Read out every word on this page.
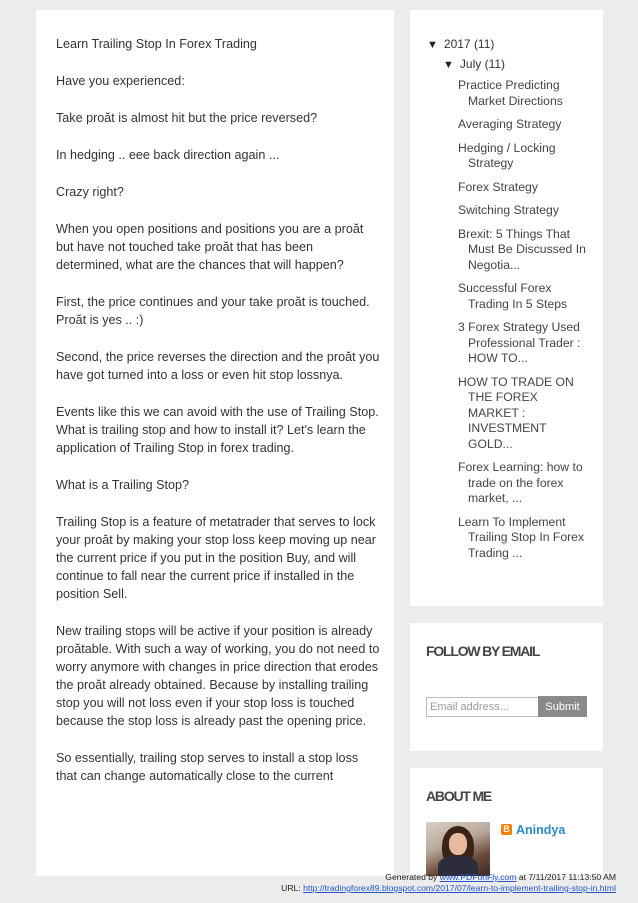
Learn Trailing Stop In Forex Trading

Have you experienced:

Take proăt is almost hit but the price reversed?

In hedging .. eee back direction again ...

Crazy right?

When you open positions and positions you are a proăt but have not touched take proăt that has been determined, what are the chances that will happen?

First, the price continues and your take proăt is touched. Proăt is yes .. :)

Second, the price reverses the direction and the proăt you have got turned into a loss or even hit stop lossnya.

Events like this we can avoid with the use of Trailing Stop. What is trailing stop and how to install it? Let's learn the application of Trailing Stop in forex trading.

What is a Trailing Stop?

Trailing Stop is a feature of metatrader that serves to lock your proăt by making your stop loss keep moving up near the current price if you put in the position Buy, and will continue to fall near the current price if installed in the position Sell.

New trailing stops will be active if your position is already proătable. With such a way of working, you do not need to worry anymore with changes in price direction that erodes the proăt already obtained. Because by installing trailing stop you will not loss even if your stop loss is touched because the stop loss is already past the opening price.

So essentially, trailing stop serves to install a stop loss that can change automatically close to the current

▼ 2017 (11)
▼ July (11)
Practice Predicting Market Directions
Averaging Strategy
Hedging / Locking Strategy
Forex Strategy
Switching Strategy
Brexit: 5 Things That Must Be Discussed In Negotia...
Successful Forex Trading In 5 Steps
3 Forex Strategy Used Professional Trader : HOW TO...
HOW TO TRADE ON THE FOREX MARKET : INVESTMENT GOLD...
Forex Learning: how to trade on the forex market, ...
Learn To Implement Trailing Stop In Forex Trading ...
FOLLOW BY EMAIL
Email address...
Submit
ABOUT ME
B Anindya
Generated by www.PDFonFly.com at 7/11/2017 11:13:50 AM
URL: http://tradingforex89.blogspot.com/2017/07/learn-to-implement-trailing-stop-in.html
